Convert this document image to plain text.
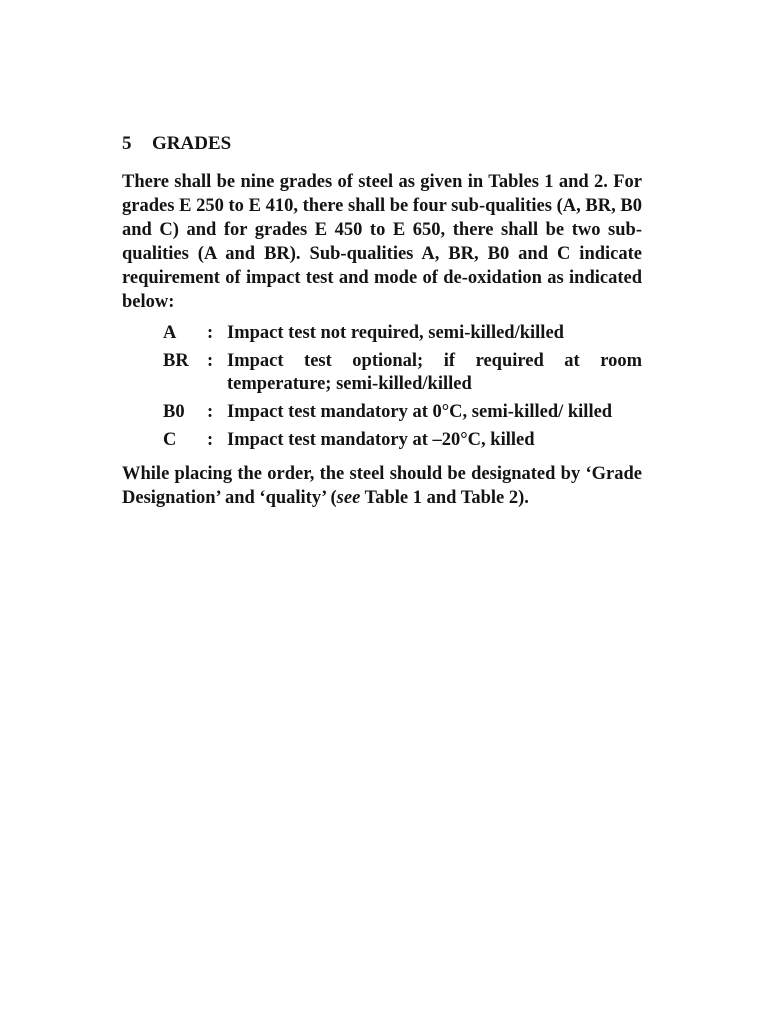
5 GRADES

There shall be nine grades of steel as given in Tables 1 and 2. For grades E 250 to E 410, there shall be four sub-qualities (A, BR, B0 and C) and for grades E 450 to E 650, there shall be two sub-qualities (A and BR). Sub-qualities A, BR, B0 and C indicate requirement of impact test and mode of de-oxidation as indicated below:

A	: Impact test not required, semi-killed/killed
BR : Impact test optional; if required at room temperature; semi-killed/killed
B0	: Impact test mandatory at 0°C, semi-killed/ killed
C	: Impact test mandatory at –20°C, killed

While placing the order, the steel should be designated by ‘Grade Designation’ and ‘quality’ (see Table 1 and Table 2).
